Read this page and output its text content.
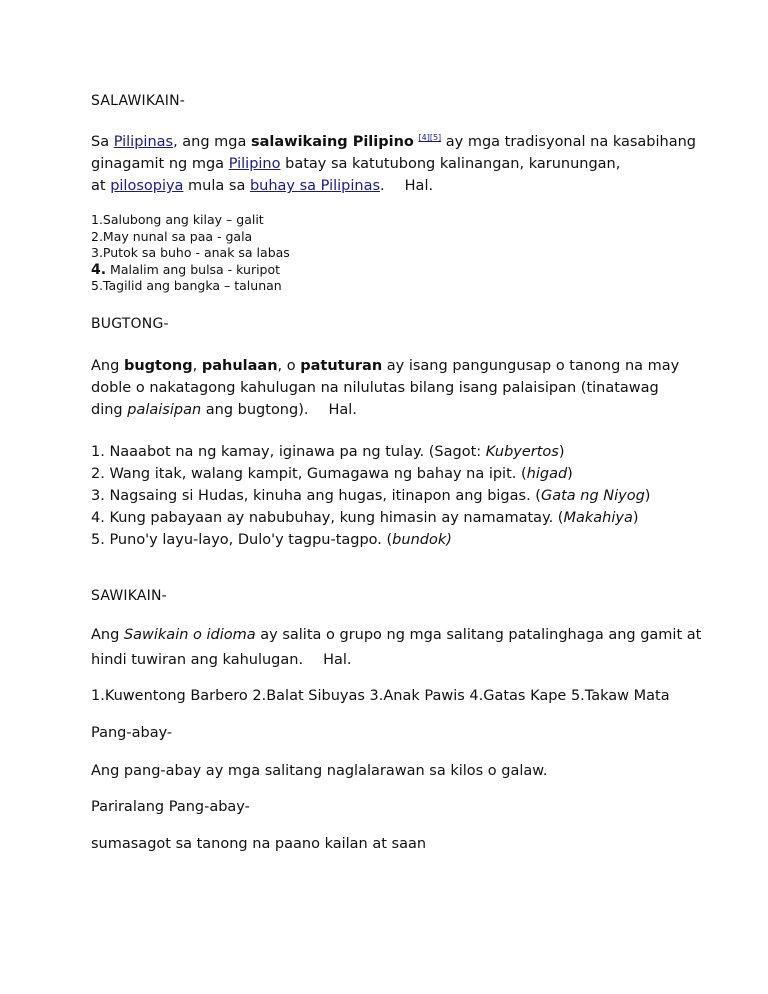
SALAWIKAIN-
Sa Pilipinas, ang mga salawikaing Pilipino [4][5] ay mga tradisyonal na kasabihang
ginagamit ng mga Pilipino batay sa katutubong kalinangan, karunungan,
at pilosopiya mula sa buhay sa Pilipinas. Hal.
1.Salubong ang kilay – galit
2.May nunal sa paa - gala
3.Putok sa buho - anak sa labas
4. Malalim ang bulsa - kuripot
5.Tagilid ang bangka – talunan
BUGTONG-
Ang bugtong, pahulaan, o patuturan ay isang pangungusap o tanong na may
doble o nakatagong kahulugan na nilulutas bilang isang palaisipan (tinatawag
ding palaisipan ang bugtong). Hal.
1. Naaabot na ng kamay, iginawa pa ng tulay. (Sagot: Kubyertos)
2. Wang itak, walang kampit, Gumagawa ng bahay na ipit. (higad)
3. Nagsaing si Hudas, kinuha ang hugas, itinapon ang bigas. (Gata ng Niyog)
4. Kung pabayaan ay nabubuhay, kung himasin ay namamatay. (Makahiya)
5. Puno'y layu-layo, Dulo'y tagpu-tagpo. (bundok)
SAWIKAIN-
Ang Sawikain o idioma ay salita o grupo ng mga salitang patalinghaga ang gamit at
hindi tuwiran ang kahulugan. Hal.
1.Kuwentong Barbero 2.Balat Sibuyas 3.Anak Pawis 4.Gatas Kape 5.Takaw Mata
Pang-abay-
Ang pang-abay ay mga salitang naglalarawan sa kilos o galaw.
Pariralang Pang-abay-
sumasagot sa tanong na paano kailan at saan
